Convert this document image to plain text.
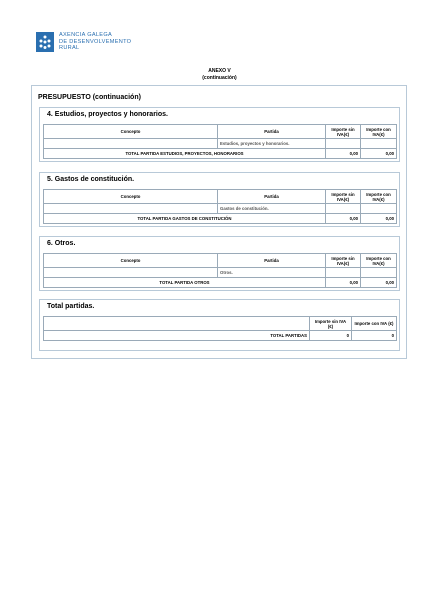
AXENCIA GALEGA
DE DESENVOLVEMENTO
RURAL
ANEXO V
(continuación)
PRESUPUESTO (continuación)
4. Estudios, proyectos y honorarios.
Concepto	Partida	Importe sin IVA(€)	Importe con IVA(€)
	Estudios, proyectos y honorarios.		
TOTAL PARTIDA ESTUDIOS, PROYECTOS, HONORARIOS		0,00	0,00
5. Gastos de constitución.
Concepto	Partida	Importe sin IVA(€)	Importe con IVA(€)
	Gastos de constitución.		
TOTAL PARTIDA GASTOS DE CONSTITUCIÓN		0,00	0,00
6. Otros.
Concepto	Partida	Importe sin IVA(€)	Importe con IVA(€)
	Otros.		
TOTAL PARTIDA OTROS		0,00	0,00
Total partidas.
	Importe sin IVA (€)	Importe con IVA (€)
TOTAL PARTIDAS	0	0
